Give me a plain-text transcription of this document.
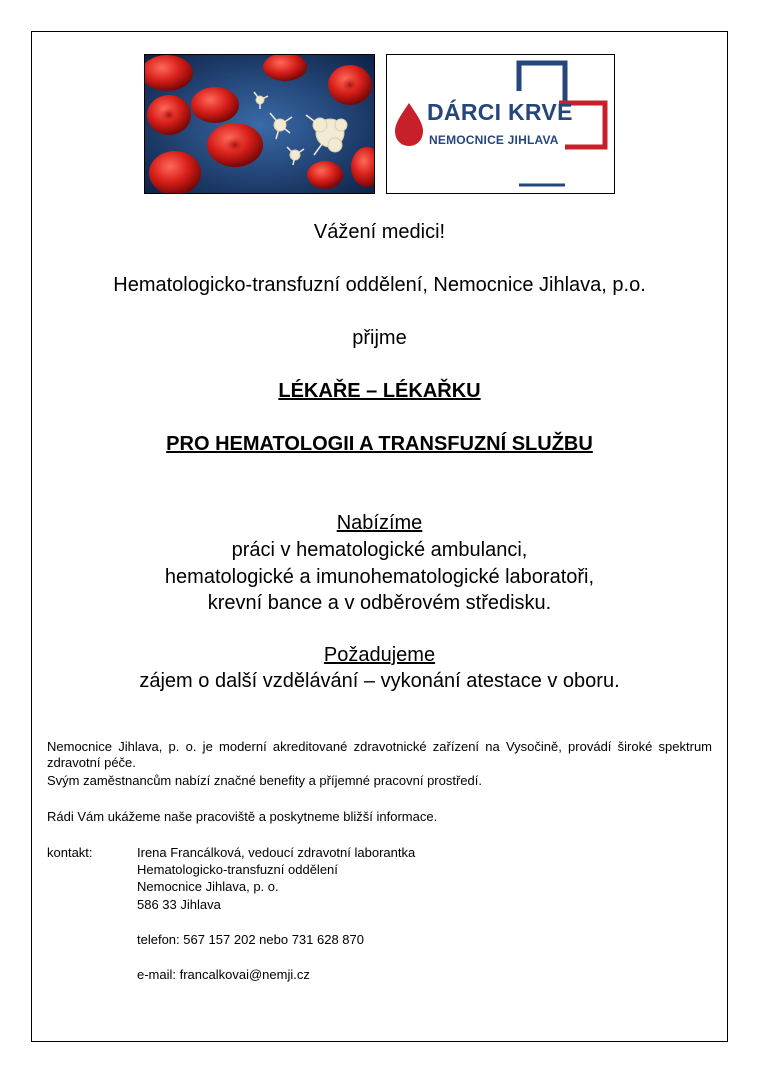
DÁRCI KRVE
NEMOCNICE JIHLAVA
Vážení medici!
Hematologicko-transfuzní oddělení, Nemocnice Jihlava, p.o.
přijme
LÉKAŘE – LÉKAŘKU
PRO HEMATOLOGII A TRANSFUZNÍ SLUŽBU
Nabízíme
práci v hematologické ambulanci,
hematologické a imunohematologické laboratoři,
krevní bance a v odběrovém středisku.
Požadujeme
zájem o další vzdělávání – vykonání atestace v oboru.
Nemocnice Jihlava, p. o. je moderní akreditované zdravotnické zařízení na Vysočině, provádí široké spektrum zdravotní péče.
Svým zaměstnancům nabízí značné benefity a příjemné pracovní prostředí.
Rádi Vám ukážeme naše pracoviště a poskytneme bližší informace.
kontakt:	Irena Francálková, vedoucí zdravotní laborantka
Hematologicko-transfuzní oddělení
Nemocnice Jihlava, p. o.
586 33 Jihlava
telefon: 567 157 202 nebo 731 628 870
e-mail: francalkovai@nemji.cz
